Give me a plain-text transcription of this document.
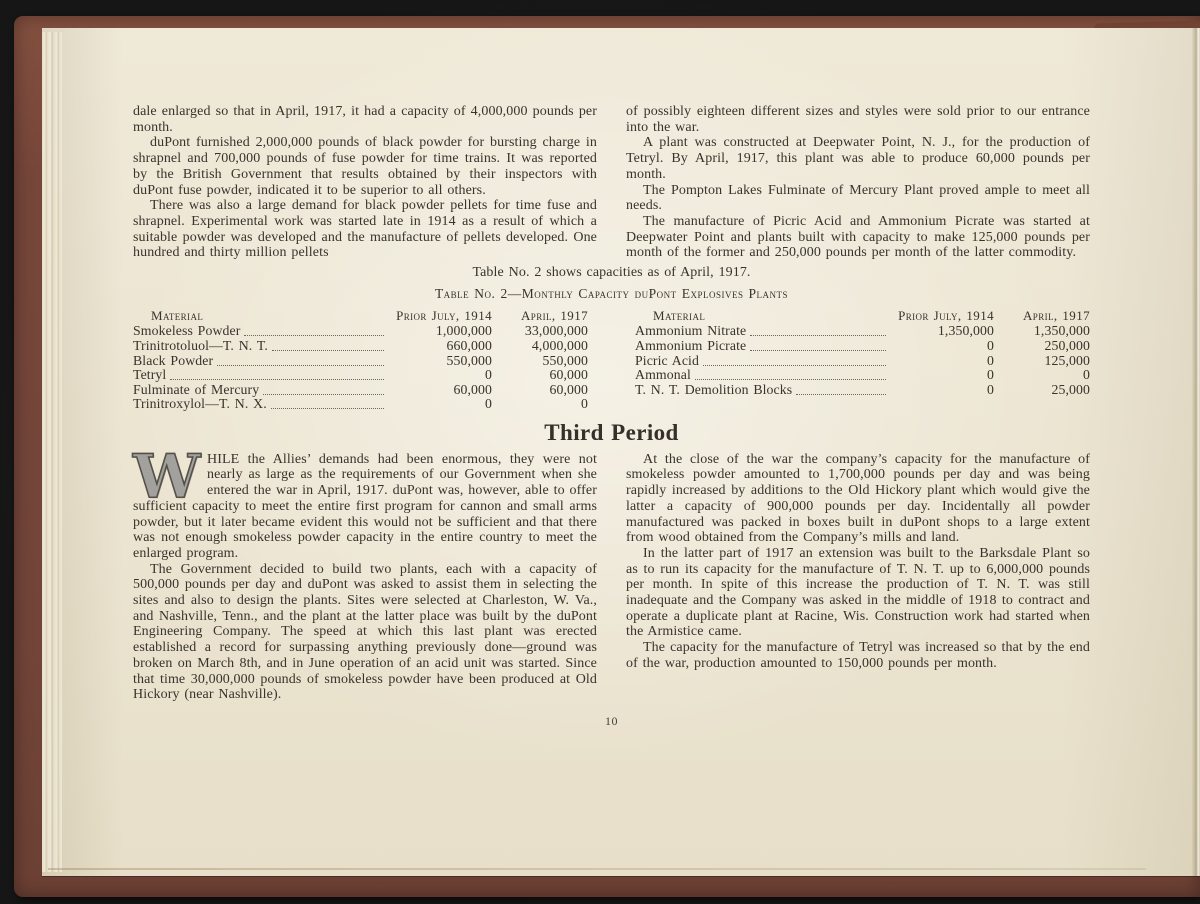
dale enlarged so that in April, 1917, it had a capacity of 4,000,000 pounds per month.

duPont furnished 2,000,000 pounds of black powder for bursting charge in shrapnel and 700,000 pounds of fuse powder for time trains. It was reported by the British Government that results obtained by their inspectors with duPont fuse powder, indicated it to be superior to all others.

There was also a large demand for black powder pellets for time fuse and shrapnel. Experimental work was started late in 1914 as a result of which a suitable powder was developed and the manufacture of pellets developed. One hundred and thirty million pellets

of possibly eighteen different sizes and styles were sold prior to our entrance into the war.

A plant was constructed at Deepwater Point, N. J., for the production of Tetryl. By April, 1917, this plant was able to produce 60,000 pounds per month.

The Pompton Lakes Fulminate of Mercury Plant proved ample to meet all needs.

The manufacture of Picric Acid and Ammonium Picrate was started at Deepwater Point and plants built with capacity to make 125,000 pounds per month of the former and 250,000 pounds per month of the latter commodity.

Table No. 2 shows capacities as of April, 1917.
Table No. 2—Monthly Capacity duPont Explosives Plants
Material	Prior July, 1914	April, 1917
Smokeless Powder	1,000,000	33,000,000
Trinitrotoluol—T. N. T.	660,000	4,000,000
Black Powder	550,000	550,000
Tetryl	0	60,000
Fulminate of Mercury	60,000	60,000
Trinitroxylol—T. N. X.	0	0
Material	Prior July, 1914	April, 1917
Ammonium Nitrate	1,350,000	1,350,000
Ammonium Picrate	0	250,000
Picric Acid	0	125,000
Ammonal	0	0
T. N. T. Demolition Blocks	0	25,000
Third Period

WHILE the Allies’ demands had been enormous, they were not nearly as large as the requirements of our Government when she entered the war in April, 1917. duPont was, however, able to offer sufficient capacity to meet the entire first program for cannon and small arms powder, but it later became evident this would not be sufficient and that there was not enough smokeless powder capacity in the entire country to meet the enlarged program.

The Government decided to build two plants, each with a capacity of 500,000 pounds per day and duPont was asked to assist them in selecting the sites and also to design the plants. Sites were selected at Charleston, W. Va., and Nashville, Tenn., and the plant at the latter place was built by the duPont Engineering Company. The speed at which this last plant was erected established a record for surpassing anything previously done—ground was broken on March 8th, and in June operation of an acid unit was started. Since that time 30,000,000 pounds of smokeless powder have been produced at Old Hickory (near Nashville).

At the close of the war the company’s capacity for the manufacture of smokeless powder amounted to 1,700,000 pounds per day and was being rapidly increased by additions to the Old Hickory plant which would give the latter a capacity of 900,000 pounds per day. Incidentally all powder manufactured was packed in boxes built in duPont shops to a large extent from wood obtained from the Company’s mills and land.

In the latter part of 1917 an extension was built to the Barksdale Plant so as to run its capacity for the manufacture of T. N. T. up to 6,000,000 pounds per month. In spite of this increase the production of T. N. T. was still inadequate and the Company was asked in the middle of 1918 to contract and operate a duplicate plant at Racine, Wis. Construction work had started when the Armistice came.

The capacity for the manufacture of Tetryl was increased so that by the end of the war, production amounted to 150,000 pounds per month.

10
